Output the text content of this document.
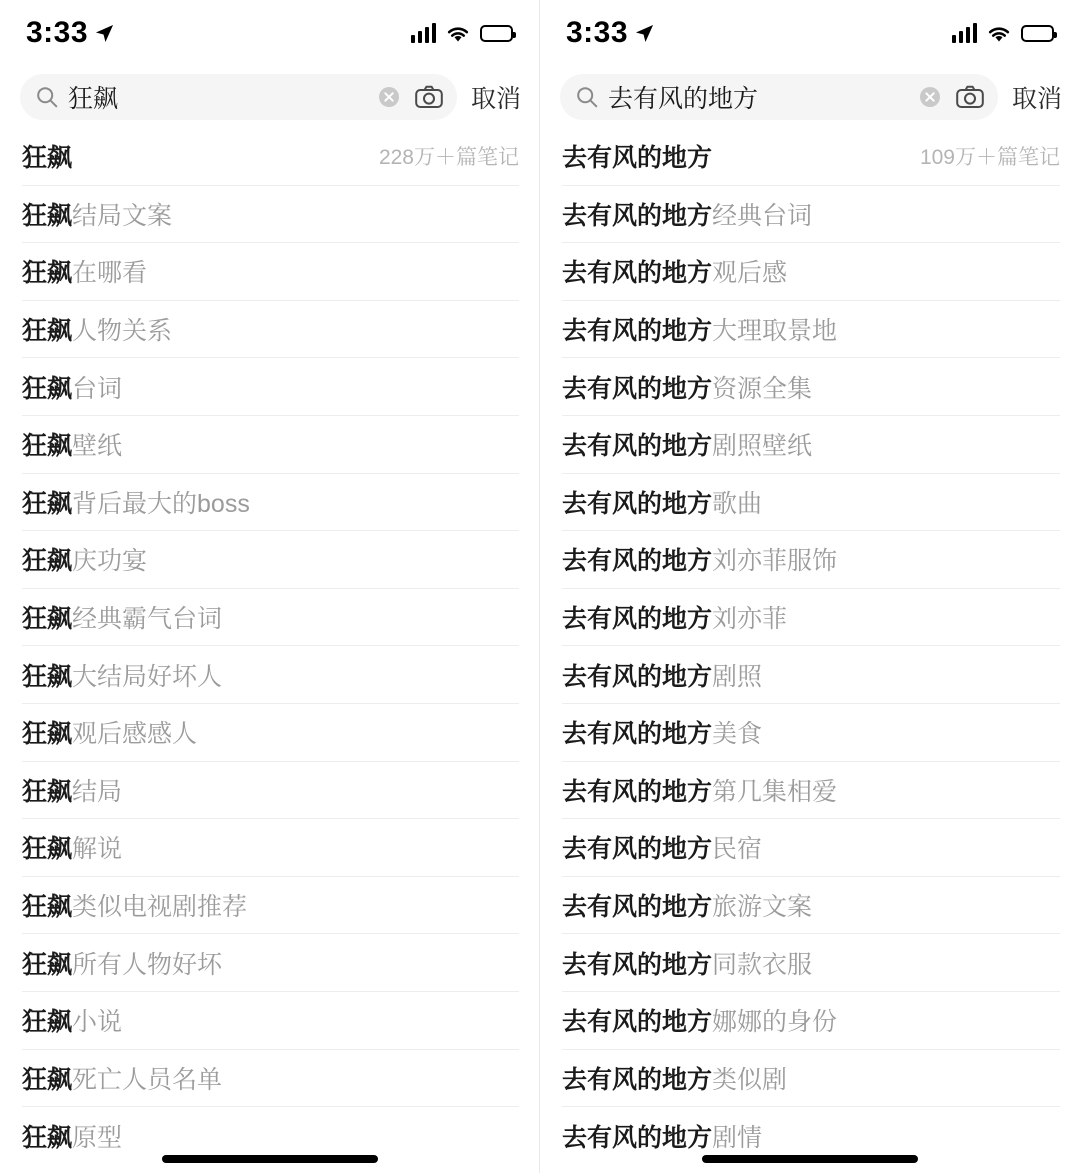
3:33
狂飙	取消
狂飙	228万＋篇笔记
狂飙结局文案
狂飙在哪看
狂飙人物关系
狂飙台词
狂飙壁纸
狂飙背后最大的boss
狂飙庆功宴
狂飙经典霸气台词
狂飙大结局好坏人
狂飙观后感感人
狂飙结局
狂飙解说
狂飙类似电视剧推荐
狂飙所有人物好坏
狂飙小说
狂飙死亡人员名单
狂飙原型
3:33
去有风的地方	取消
去有风的地方	109万＋篇笔记
去有风的地方经典台词
去有风的地方观后感
去有风的地方大理取景地
去有风的地方资源全集
去有风的地方剧照壁纸
去有风的地方歌曲
去有风的地方刘亦菲服饰
去有风的地方刘亦菲
去有风的地方剧照
去有风的地方美食
去有风的地方第几集相爱
去有风的地方民宿
去有风的地方旅游文案
去有风的地方同款衣服
去有风的地方娜娜的身份
去有风的地方类似剧
去有风的地方剧情
